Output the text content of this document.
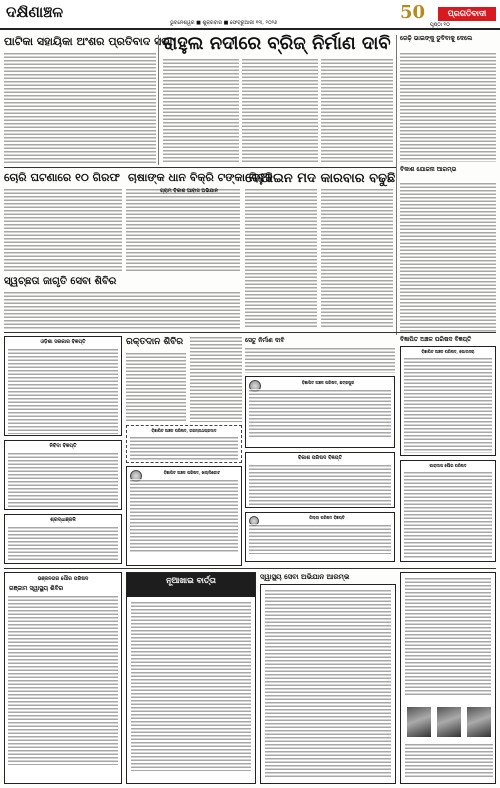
ଦକ୍ଷିଣାଞ୍ଚଳ
ଭୁବନେଶ୍ୱର ■ ଶୁକ୍ରବାର ■ ଫେବ୍ରୁଆରୀ ୧୩, ୨୦୨୬	ପୃଷ୍ଠା ୧୦
50	ପ୍ରଗତିବାଦୀ
ପାଟିକା ସହାୟିକା ଅଂଶର ପ୍ରତିବାଦ ସଭା
ରାହୁଲ ନଦୀରେ ବ୍ରିଜ୍ ନିର୍ମାଣ ଦାବି	ରେଢ଼ି ଭାଇଙ୍କୁ ଡୁବିବାକୁ ଦେଲେ
ଚୋରି ଘଟଣାରେ ୧୦ ଗିରଫ ଚାଷାଙ୍କ ଧାନ ବିକ୍ରି ଟଙ୍କା ମିଳୁନି
ବେଆଇନ ମଦ କାରବାର ବଢୁଛି
ଗ୍ରାମ ବିକାଶ ଆବାସ ଅଭିଯାନ
ସ୍ୱଚ୍ଛତା ଜାଗୃତି ସେବା ଶିବିର
ବିକାଶ ଯୋଜନା ଆରମ୍ଭ
ଓଡ଼ିଶା ସରକାର ବିଜ୍ଞପ୍ତି
ନିବିଦା ବିଜ୍ଞପ୍ତି
ରକ୍ତଦାନ ଶିବିର
ବିଜ୍ଞାପିତ ଅଞ୍ଚଳ ପରିଷଦ, ଜଗନ୍ନାଥପ୍ରସାଦ
ସେତୁ ନିର୍ମାଣ ଦାବି
ବିଜ୍ଞାପିତ ଅଞ୍ଚଳ ପରିଷଦ, ଛତ୍ରପୁର
ବିଜ୍ଞାପିତ ଅଞ୍ଚଳ ପରିଷଦ ବିଜ୍ଞପ୍ତି
ବିଜ୍ଞାପିତ ଅଞ୍ଚଳ ପରିଷଦ, ପୋଲସରା
ବିଜ୍ଞାପିତ ଅଞ୍ଚଳ ପରିଷଦ, ଖଲ୍ଲିକୋଟ
ବିକାଶ ପରିଷଦ ବିଜ୍ଞପ୍ତି
ଜିଲ୍ଲା ପରିଷଦ ବିଜ୍ଞପ୍ତି
ପାରାଦୀପ ପୌର ପରିଷଦ
ଶ୍ରଦ୍ଧାଞ୍ଜଳି
ଭଞ୍ଜନଗର ପୌର ପରିଷଦ
ଗଞ୍ଜାମ ସ୍ୱାସ୍ଥ୍ୟ ଶିବିର
ନୂଆଖାଇ ବାର୍ତ୍ତା	ସ୍ୱାସ୍ଥ୍ୟ ସେବା ଅଭିଯାନ ଆରମ୍ଭ
